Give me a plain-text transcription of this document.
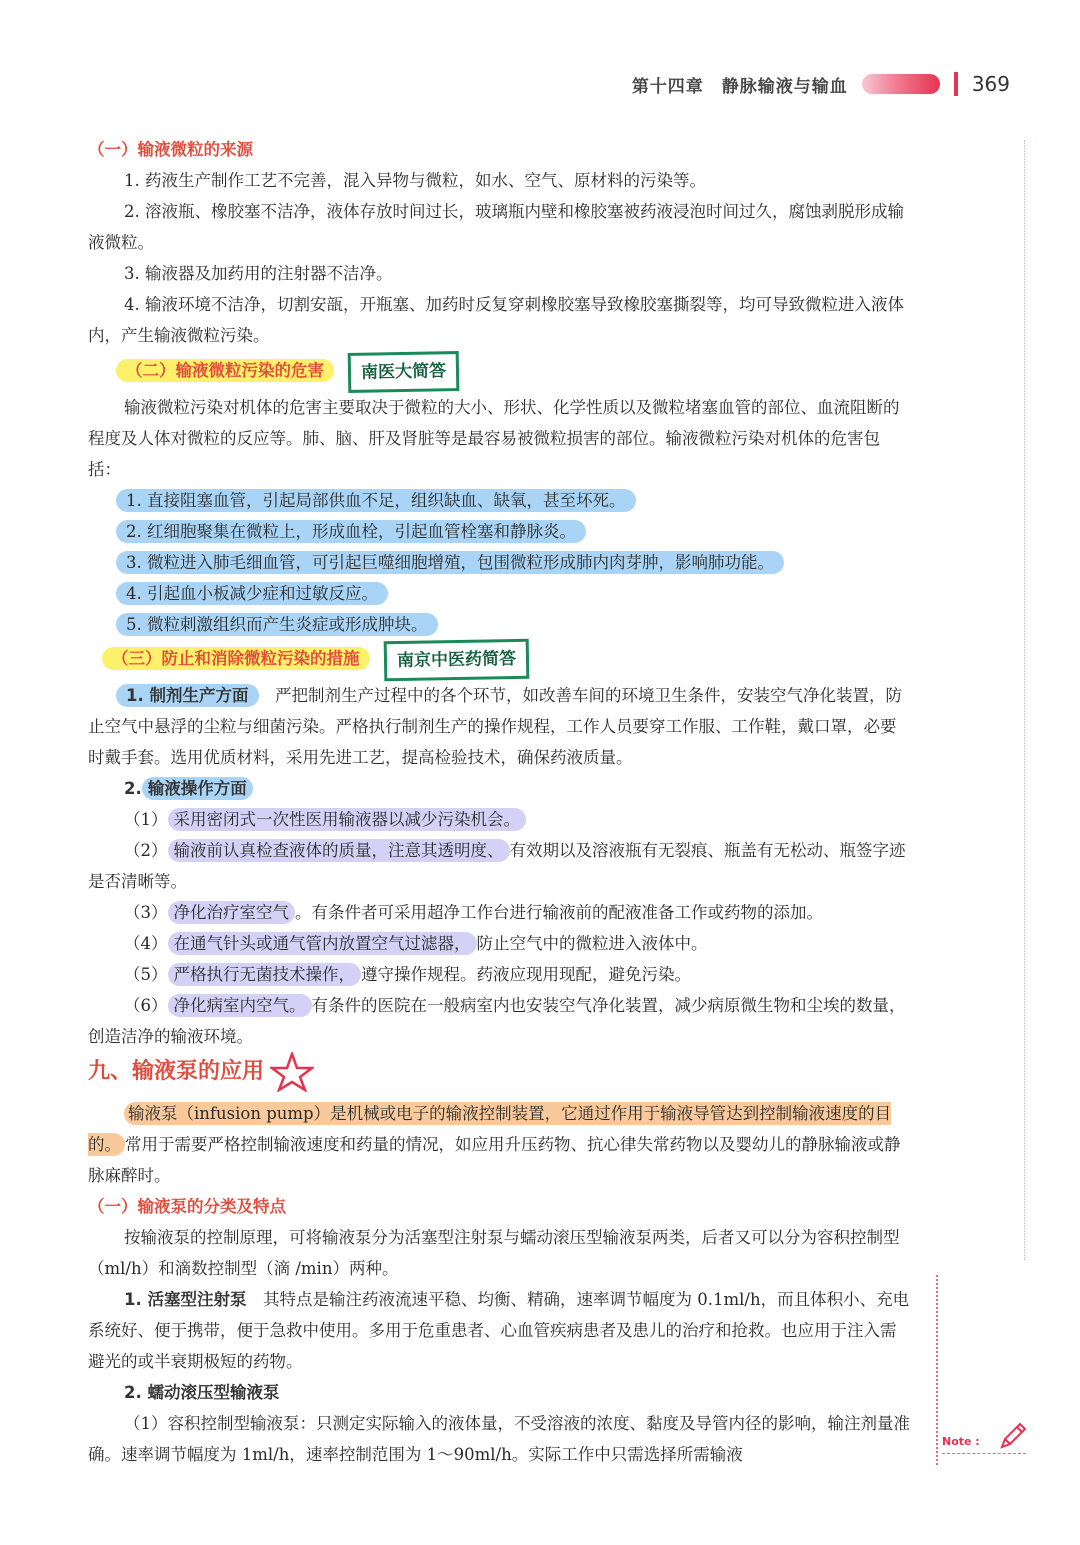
第十四章　静脉输液与输血	369

（一）输液微粒的来源

1. 药液生产制作工艺不完善，混入异物与微粒，如水、空气、原材料的污染等。

2. 溶液瓶、橡胶塞不洁净，液体存放时间过长，玻璃瓶内壁和橡胶塞被药液浸泡时间过久，腐蚀剥脱形成输液微粒。

3. 输液器及加药用的注射器不洁净。

4. 输液环境不洁净，切割安瓿，开瓶塞、加药时反复穿刺橡胶塞导致橡胶塞撕裂等，均可导致微粒进入液体内，产生输液微粒污染。

（二）输液微粒污染的危害 南医大简答

输液微粒污染对机体的危害主要取决于微粒的大小、形状、化学性质以及微粒堵塞血管的部位、血流阻断的程度及人体对微粒的反应等。肺、脑、肝及肾脏等是最容易被微粒损害的部位。输液微粒污染对机体的危害包括：

1. 直接阻塞血管，引起局部供血不足，组织缺血、缺氧，甚至坏死。

2. 红细胞聚集在微粒上，形成血栓，引起血管栓塞和静脉炎。

3. 微粒进入肺毛细血管，可引起巨噬细胞增殖，包围微粒形成肺内肉芽肿，影响肺功能。

4. 引起血小板减少症和过敏反应。

5. 微粒刺激组织而产生炎症或形成肿块。

（三）防止和消除微粒污染的措施 南京中医药简答

1. 制剂生产方面　 严把制剂生产过程中的各个环节，如改善车间的环境卫生条件，安装空气净化装置，防止空气中悬浮的尘粒与细菌污染。严格执行制剂生产的操作规程，工作人员要穿工作服、工作鞋，戴口罩，必要时戴手套。选用优质材料，采用先进工艺，提高检验技术，确保药液质量。

2. 输液操作方面

（1） 采用密闭式一次性医用输液器以减少污染机会。

（2） 输液前认真检查液体的质量，注意其透明度、 有效期以及溶液瓶有无裂痕、瓶盖有无松动、瓶签字迹是否清晰等。

（3） 净化治疗室空气 。有条件者可采用超净工作台进行输液前的配液准备工作或药物的添加。

（4） 在通气针头或通气管内放置空气过滤器， 防止空气中的微粒进入液体中。

（5） 严格执行无菌技术操作， 遵守操作规程。药液应现用现配，避免污染。

（6） 净化病室内空气。 有条件的医院在一般病室内也安装空气净化装置，减少病原微生物和尘埃的数量，创造洁净的输液环境。

九、输液泵的应用

输液泵（infusion pump）是机械或电子的输液控制装置，它通过作用于输液导管达到控制输液速度的目的。 常用于需要严格控制输液速度和药量的情况，如应用升压药物、抗心律失常药物以及婴幼儿的静脉输液或静脉麻醉时。

（一）输液泵的分类及特点

按输液泵的控制原理，可将输液泵分为活塞型注射泵与蠕动滚压型输液泵两类，后者又可以分为容积控制型（ml/h）和滴数控制型（滴 /min）两种。

1. 活塞型注射泵　 其特点是输注药液流速平稳、均衡、精确，速率调节幅度为 0.1ml/h，而且体积小、充电系统好、便于携带，便于急救中使用。多用于危重患者、心血管疾病患者及患儿的治疗和抢救。也应用于注入需避光的或半衰期极短的药物。

2. 蠕动滚压型输液泵

（1）容积控制型输液泵：只测定实际输入的液体量，不受溶液的浓度、黏度及导管内径的影响，输注剂量准确。速率调节幅度为 1ml/h，速率控制范围为 1～90ml/h。实际工作中只需选择所需输液

Note :
